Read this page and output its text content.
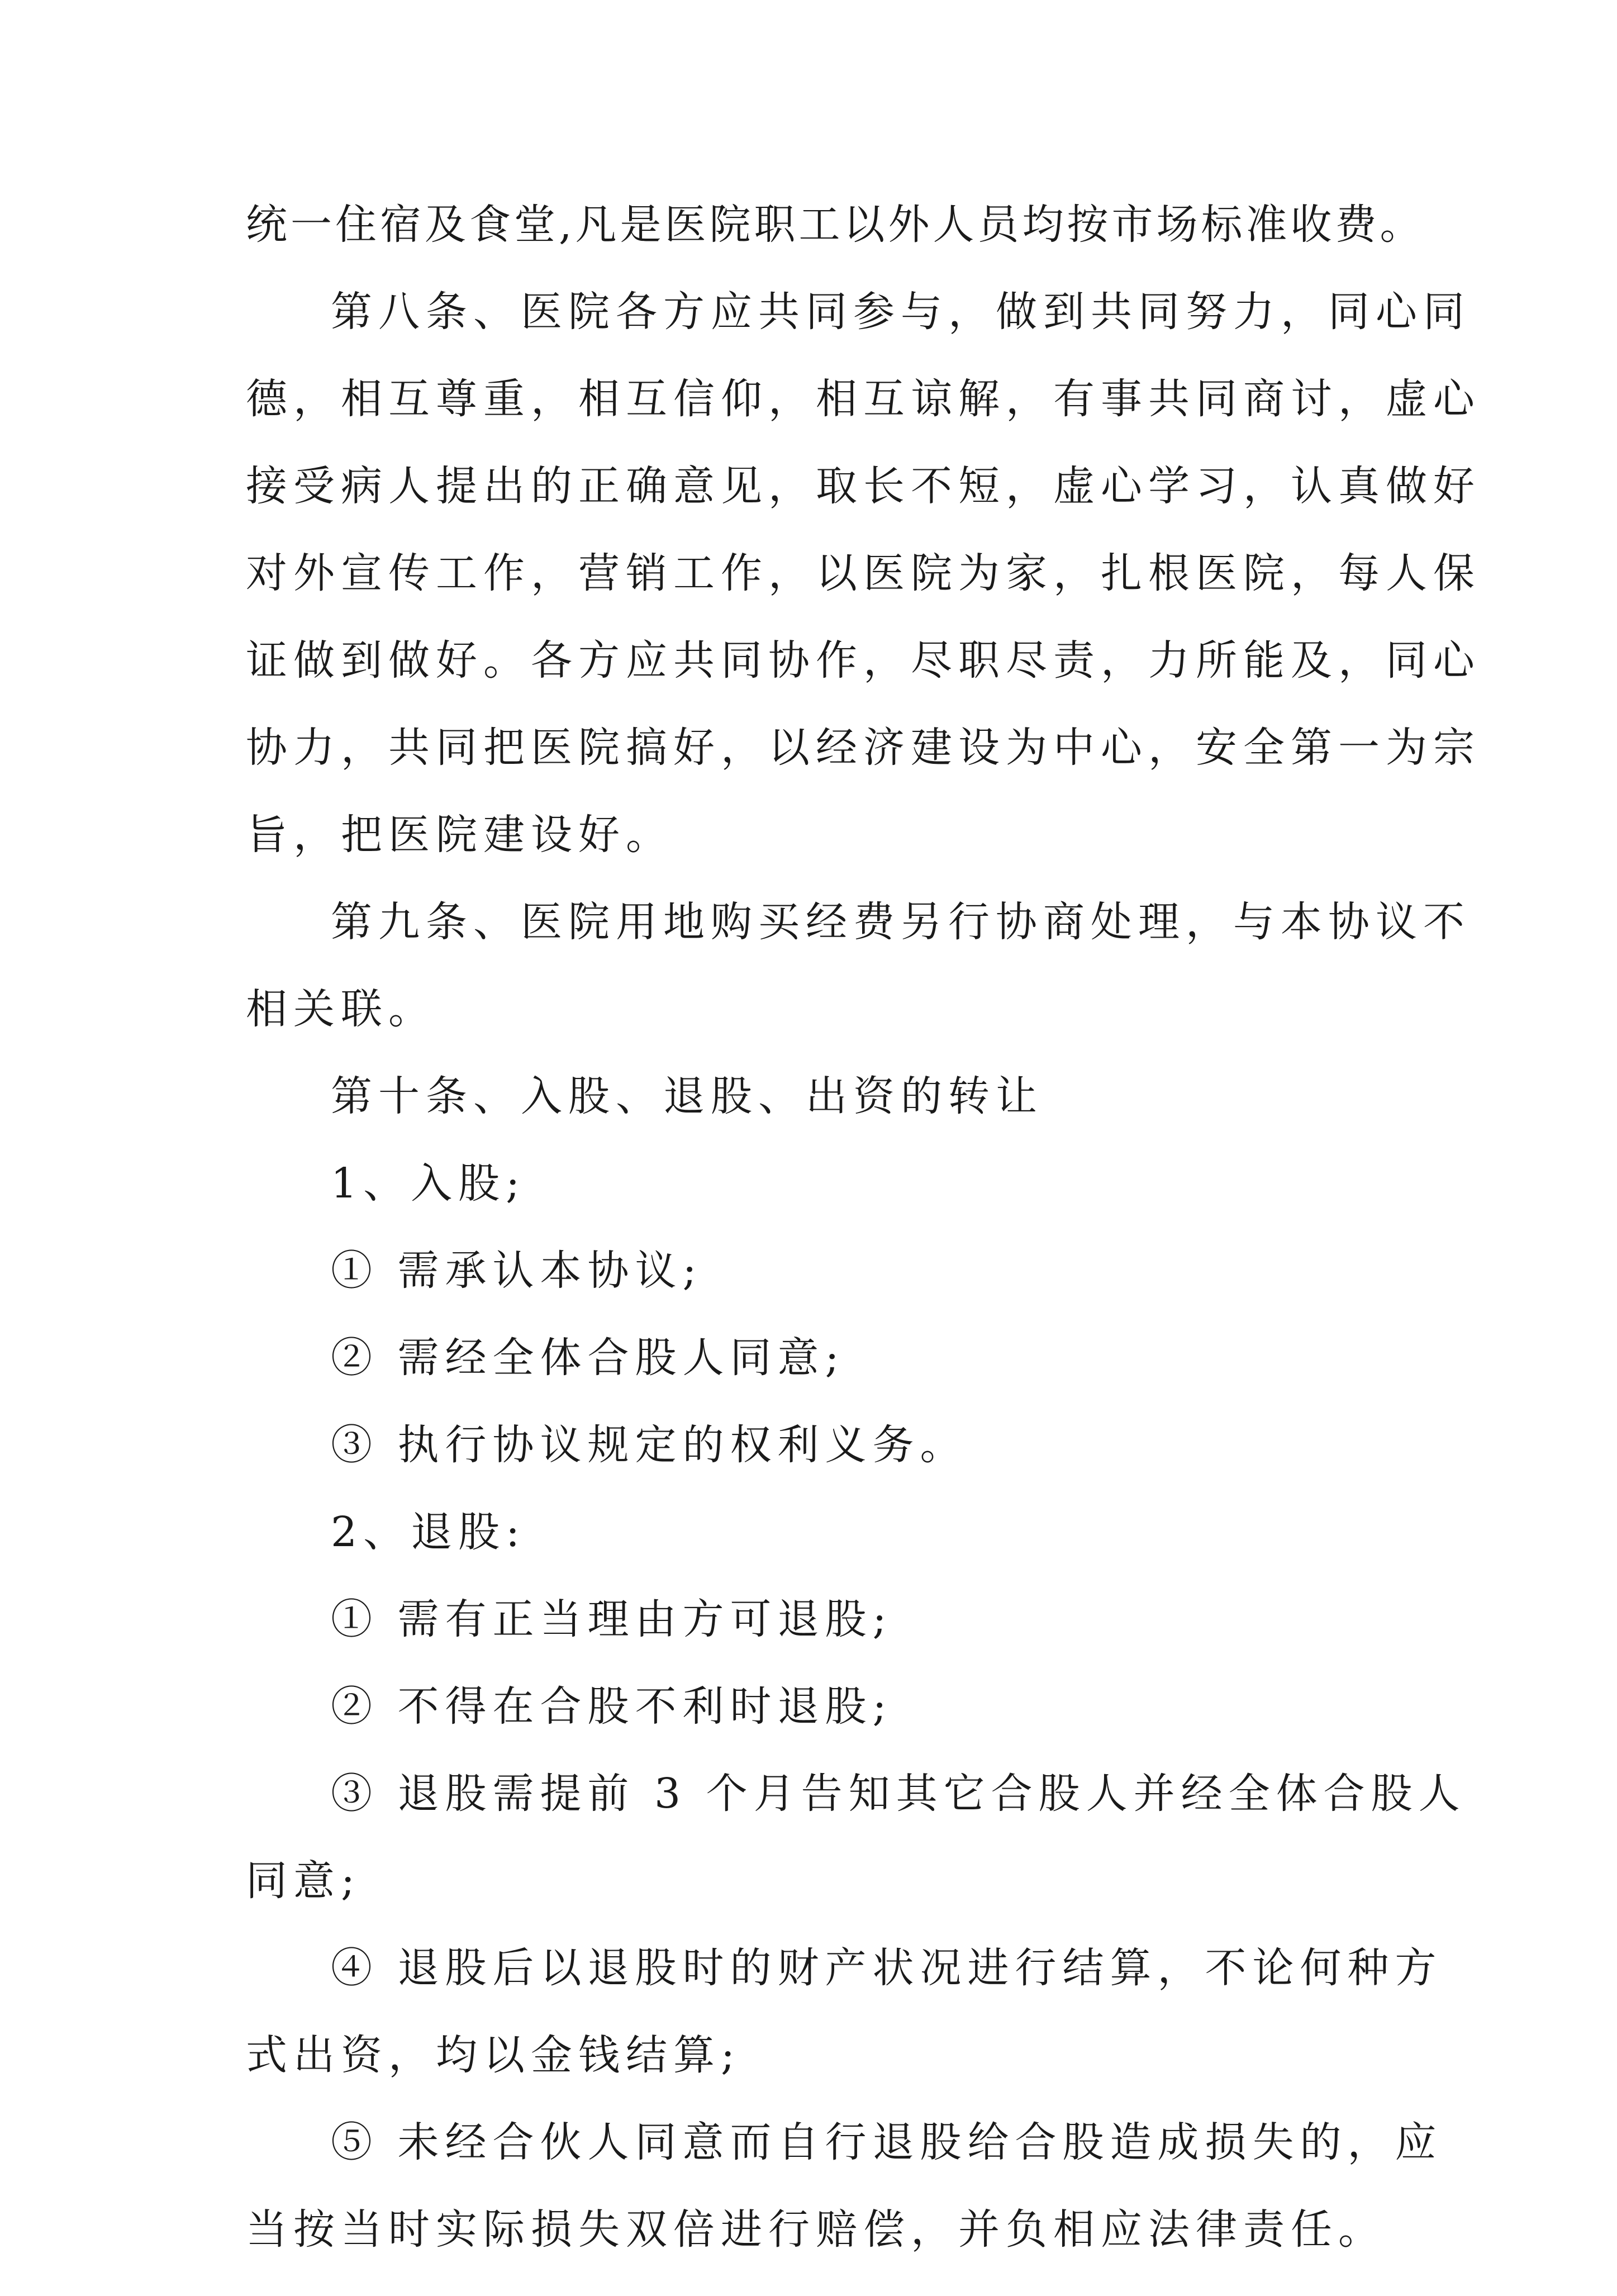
统一住宿及食堂,凡是医院职工以外人员均按市场标准收费。
第八条、医院各方应共同参与，做到共同努力，同心同
德，相互尊重，相互信仰，相互谅解，有事共同商讨，虚心
接受病人提出的正确意见，取长不短，虚心学习，认真做好
对外宣传工作，营销工作，以医院为家，扎根医院，每人保
证做到做好。各方应共同协作，尽职尽责，力所能及，同心
协力，共同把医院搞好，以经济建设为中心，安全第一为宗
旨，把医院建设好。
第九条、医院用地购买经费另行协商处理，与本协议不
相关联。
第十条、入股、退股、出资的转让
1、入股;
① 需承认本协议;
② 需经全体合股人同意;
③ 执行协议规定的权利义务。
2、退股:
① 需有正当理由方可退股;
② 不得在合股不利时退股;
③ 退股需提前 3 个月告知其它合股人并经全体合股人
同意;
④ 退股后以退股时的财产状况进行结算，不论何种方
式出资，均以金钱结算;
⑤ 未经合伙人同意而自行退股给合股造成损失的，应
当按当时实际损失双倍进行赔偿，并负相应法律责任。
